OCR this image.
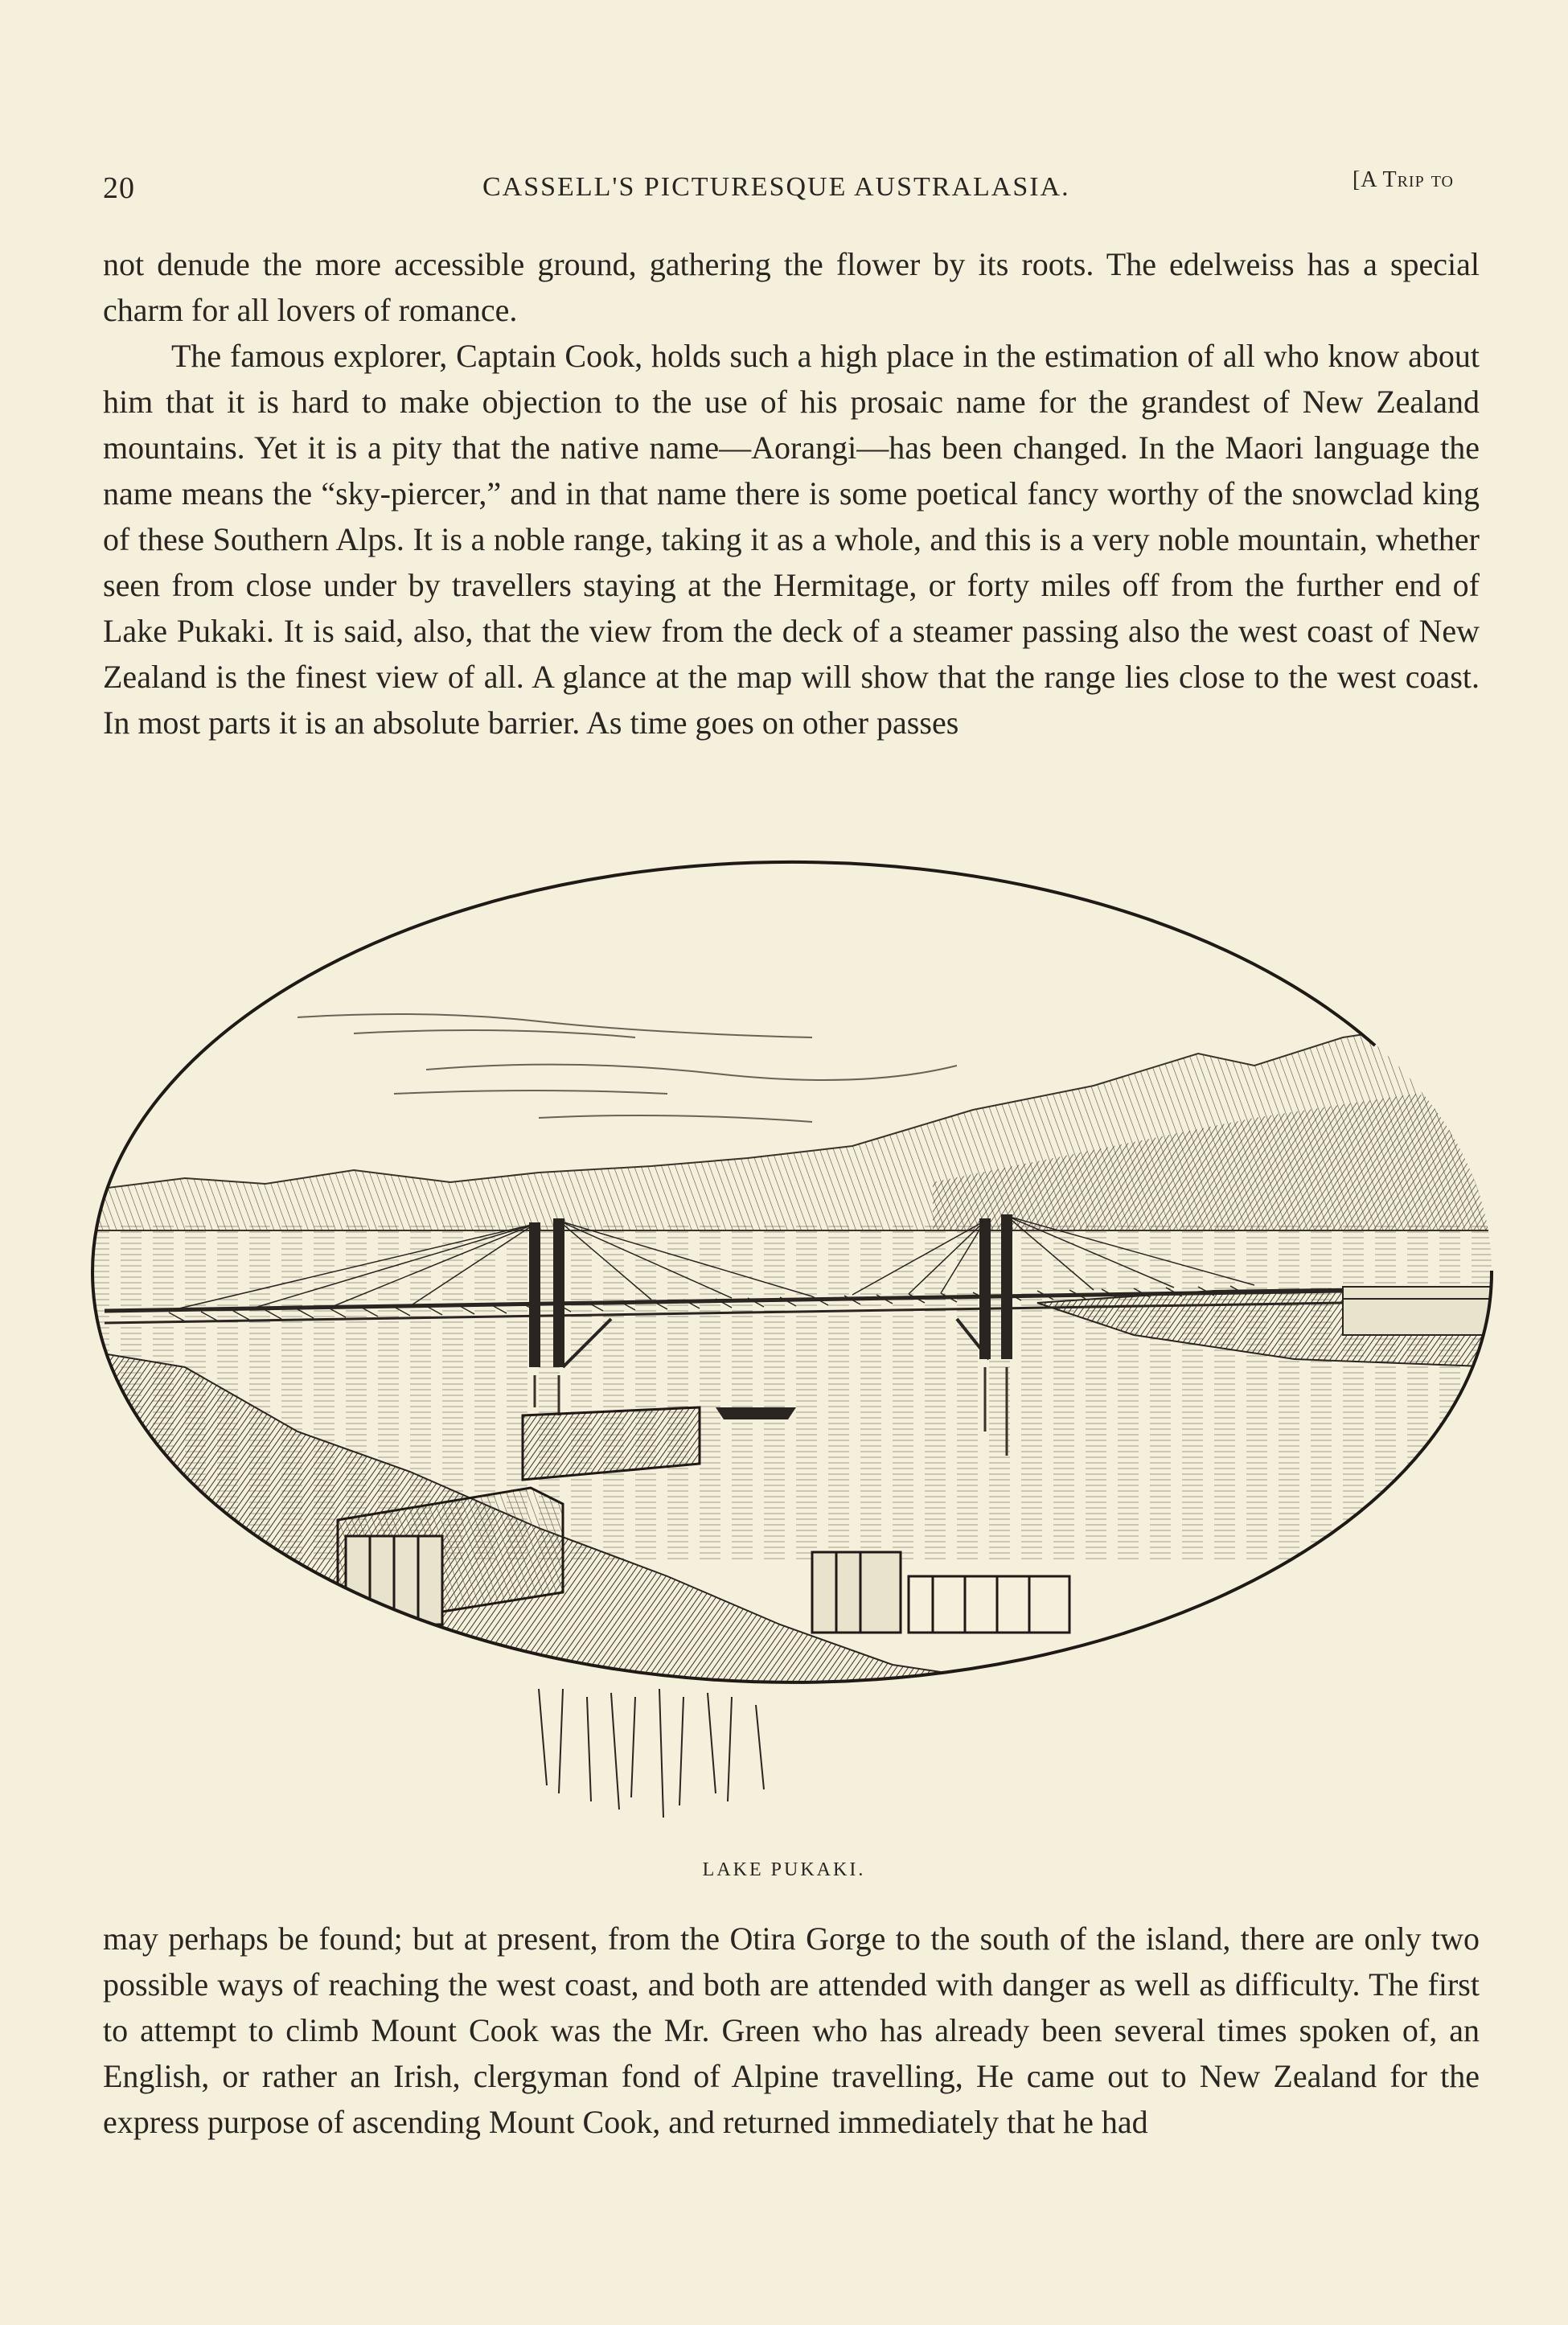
20	CASSELL'S PICTURESQUE AUSTRALASIA.	[A Trip to

not denude the more accessible ground, gathering the flower by its roots. The edelweiss has a special charm for all lovers of romance.

The famous explorer, Captain Cook, holds such a high place in the estimation of all who know about him that it is hard to make objection to the use of his prosaic name for the grandest of New Zealand mountains. Yet it is a pity that the native name—Aorangi—has been changed. In the Maori language the name means the “sky-piercer,” and in that name there is some poetical fancy worthy of the snowclad king of these Southern Alps. It is a noble range, taking it as a whole, and this is a very noble mountain, whether seen from close under by travellers staying at the Hermitage, or forty miles off from the further end of Lake Pukaki. It is said, also, that the view from the deck of a steamer passing also the west coast of New Zealand is the finest view of all. A glance at the map will show that the range lies close to the west coast. In most parts it is an absolute barrier. As time goes on other passes

LAKE PUKAKI.

may perhaps be found; but at present, from the Otira Gorge to the south of the island, there are only two possible ways of reaching the west coast, and both are attended with danger as well as difficulty. The first to attempt to climb Mount Cook was the Mr. Green who has already been several times spoken of, an English, or rather an Irish, clergyman fond of Alpine travelling, He came out to New Zealand for the express purpose of ascending Mount Cook, and returned immediately that he had
